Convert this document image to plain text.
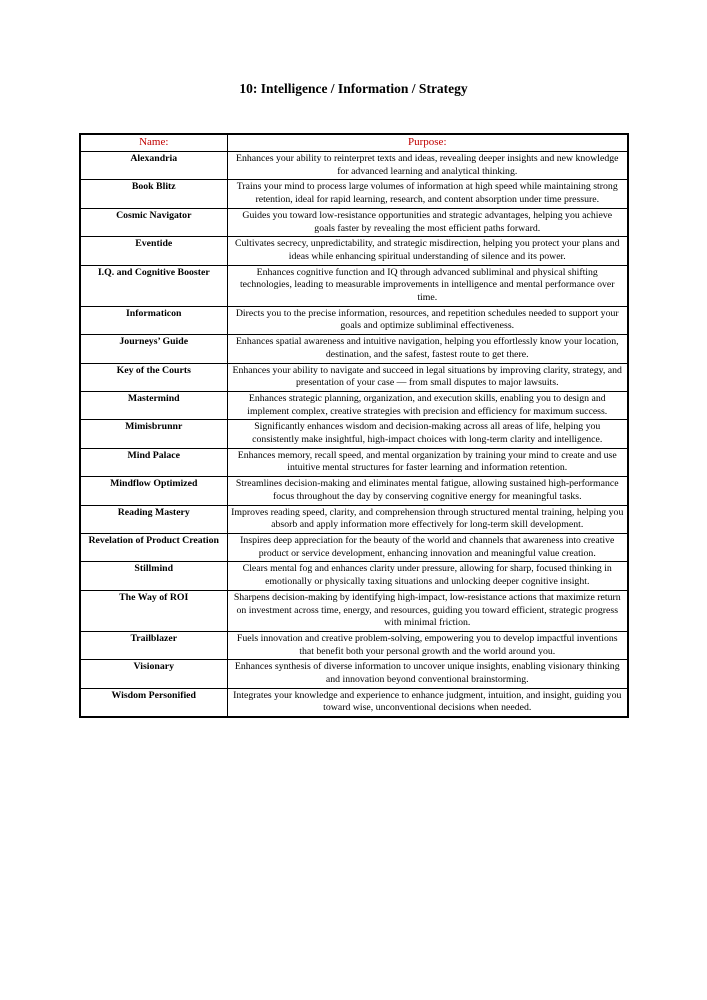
10: Intelligence / Information / Strategy
Name:	Purpose:
Alexandria	Enhances your ability to reinterpret texts and ideas, revealing deeper insights and new knowledge for advanced learning and analytical thinking.
Book Blitz	Trains your mind to process large volumes of information at high speed while maintaining strong retention, ideal for rapid learning, research, and content absorption under time pressure.
Cosmic Navigator	Guides you toward low-resistance opportunities and strategic advantages, helping you achieve goals faster by revealing the most efficient paths forward.
Eventide	Cultivates secrecy, unpredictability, and strategic misdirection, helping you protect your plans and ideas while enhancing spiritual understanding of silence and its power.
I.Q. and Cognitive Booster	Enhances cognitive function and IQ through advanced subliminal and physical shifting technologies, leading to measurable improvements in intelligence and mental performance over time.
Informaticon	Directs you to the precise information, resources, and repetition schedules needed to support your goals and optimize subliminal effectiveness.
Journeys’ Guide	Enhances spatial awareness and intuitive navigation, helping you effortlessly know your location, destination, and the safest, fastest route to get there.
Key of the Courts	Enhances your ability to navigate and succeed in legal situations by improving clarity, strategy, and presentation of your case — from small disputes to major lawsuits.
Mastermind	Enhances strategic planning, organization, and execution skills, enabling you to design and implement complex, creative strategies with precision and efficiency for maximum success.
Mimisbrunnr	Significantly enhances wisdom and decision-making across all areas of life, helping you consistently make insightful, high-impact choices with long-term clarity and intelligence.
Mind Palace	Enhances memory, recall speed, and mental organization by training your mind to create and use intuitive mental structures for faster learning and information retention.
Mindflow Optimized	Streamlines decision-making and eliminates mental fatigue, allowing sustained high-performance focus throughout the day by conserving cognitive energy for meaningful tasks.
Reading Mastery	Improves reading speed, clarity, and comprehension through structured mental training, helping you absorb and apply information more effectively for long-term skill development.
Revelation of Product Creation	Inspires deep appreciation for the beauty of the world and channels that awareness into creative product or service development, enhancing innovation and meaningful value creation.
Stillmind	Clears mental fog and enhances clarity under pressure, allowing for sharp, focused thinking in emotionally or physically taxing situations and unlocking deeper cognitive insight.
The Way of ROI	Sharpens decision-making by identifying high-impact, low-resistance actions that maximize return on investment across time, energy, and resources, guiding you toward efficient, strategic progress with minimal friction.
Trailblazer	Fuels innovation and creative problem-solving, empowering you to develop impactful inventions that benefit both your personal growth and the world around you.
Visionary	Enhances synthesis of diverse information to uncover unique insights, enabling visionary thinking and innovation beyond conventional brainstorming.
Wisdom Personified	Integrates your knowledge and experience to enhance judgment, intuition, and insight, guiding you toward wise, unconventional decisions when needed.
